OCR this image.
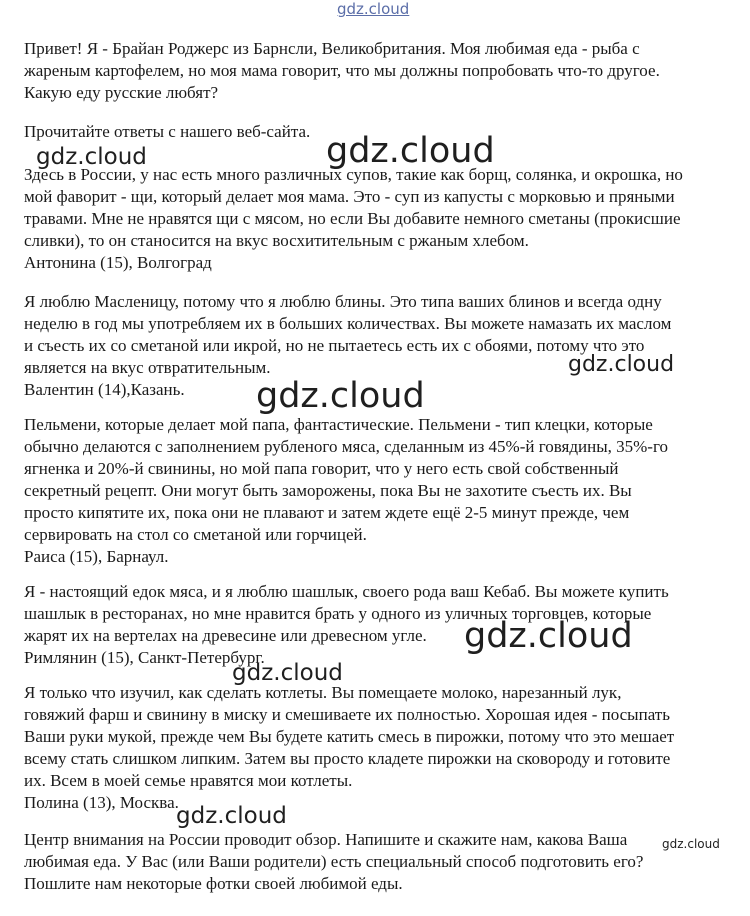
gdz.cloud
Привет! Я - Брайан Роджерс из Барнсли, Великобритания. Моя любимая еда - рыба с
жареным картофелем, но моя мама говорит, что мы должны попробовать что-то другое.
Какую еду русские любят?
Прочитайте ответы с нашего веб-сайта.
Здесь в России, у нас есть много различных супов, такие как борщ, солянка, и окрошка, но
мой фаворит - щи, который делает моя мама. Это - суп из капусты с морковью и пряными
травами. Мне не нравятся щи с мясом, но если Вы добавите немного сметаны (прокисшие
сливки), то он станосится на вкус восхитительным с ржаным хлебом.
Антонина (15), Волгоград
Я люблю Масленицу, потому что я люблю блины. Это типа ваших блинов и всегда одну
неделю в год мы употребляем их в больших количествах. Вы можете намазать их маслом
и съесть их со сметаной или икрой, но не пытаетесь есть их с обоями, потому что это
является на вкус отвратительным.
Валентин (14),Казань.
Пельмени, которые делает мой папа, фантастические. Пельмени - тип клецки, которые
обычно делаются с заполнением рубленого мяса, сделанным из 45%-й говядины, 35%-го
ягненка и 20%-й свинины, но мой папа говорит, что у него есть свой собственный
секретный рецепт. Они могут быть заморожены, пока Вы не захотите съесть их. Вы
просто кипятите их, пока они не плавают и затем ждете ещё 2-5 минут прежде, чем
сервировать на стол со сметаной или горчицей.
Раиса (15), Барнаул.
Я - настоящий едок мяса, и я люблю шашлык, своего рода ваш Кебаб. Вы можете купить
шашлык в ресторанах, но мне нравится брать у одного из уличных торговцев, которые
жарят их на вертелах на древесине или древесном угле.
Римлянин (15), Санкт-Петербург.
Я только что изучил, как сделать котлеты. Вы помещаете молоко, нарезанный лук,
говяжий фарш и свинину в миску и смешиваете их полностью. Хорошая идея - посыпать
Ваши руки мукой, прежде чем Вы будете катить смесь в пирожки, потому что это мешает
всему стать слишком липким. Затем вы просто кладете пирожки на сковороду и готовите
их. Всем в моей семье нравятся мои котлеты.
Полина (13), Москва.
Центр внимания на России проводит обзор. Напишите и скажите нам, какова Ваша
любимая еда. У Вас (или Ваши родители) есть специальный способ подготовить его?
Пошлите нам некоторые фотки своей любимой еды.
gdz.cloud	gdz.cloud
gdz.cloud
gdz.cloud
gdz.cloud
gdz.cloud
gdz.cloud
gdz.cloud
